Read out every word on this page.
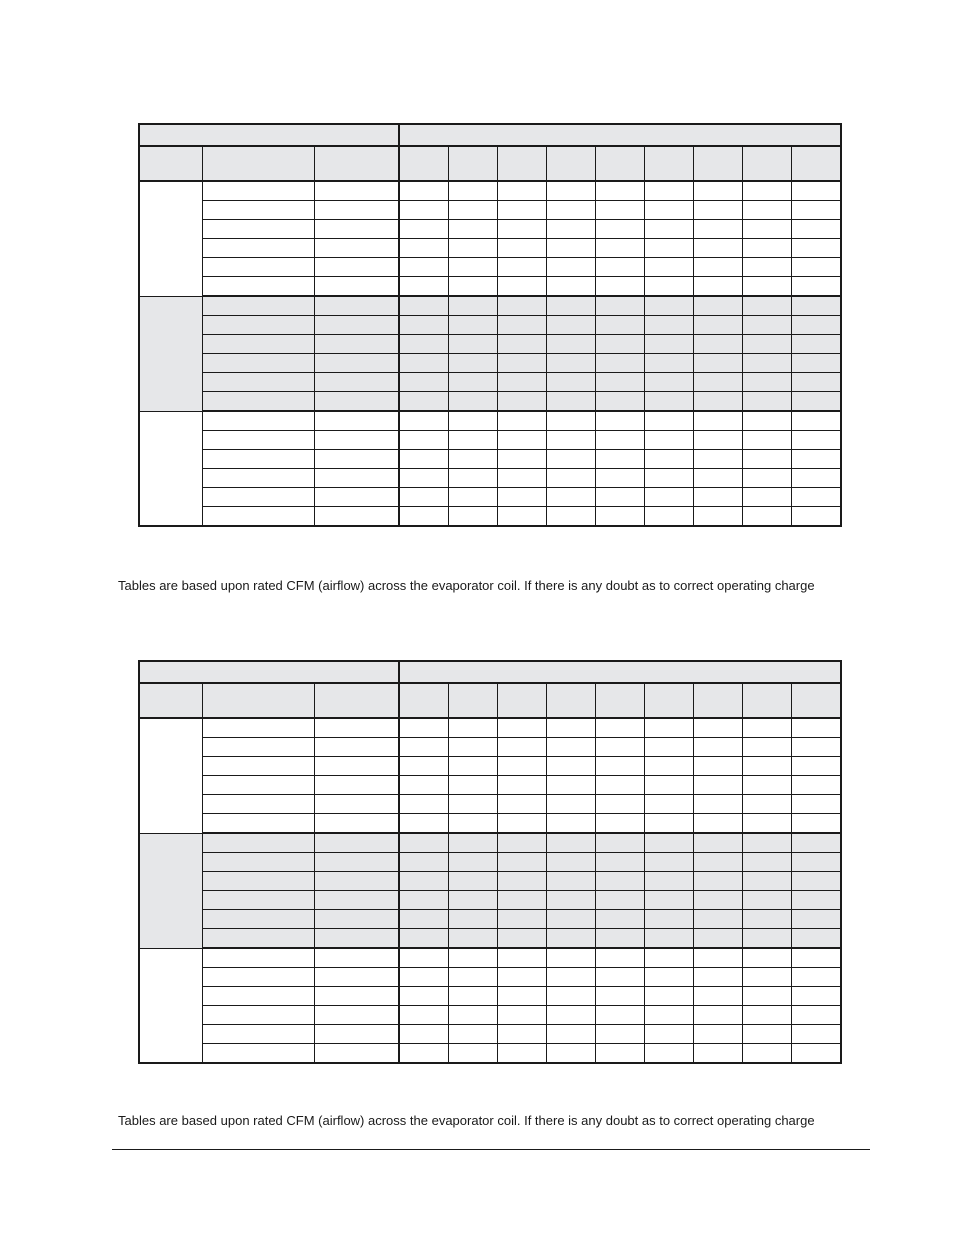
Tables are based upon rated CFM (airflow) across the evaporator coil. If there is any doubt as to correct operating charge

Tables are based upon rated CFM (airflow) across the evaporator coil. If there is any doubt as to correct operating charge
